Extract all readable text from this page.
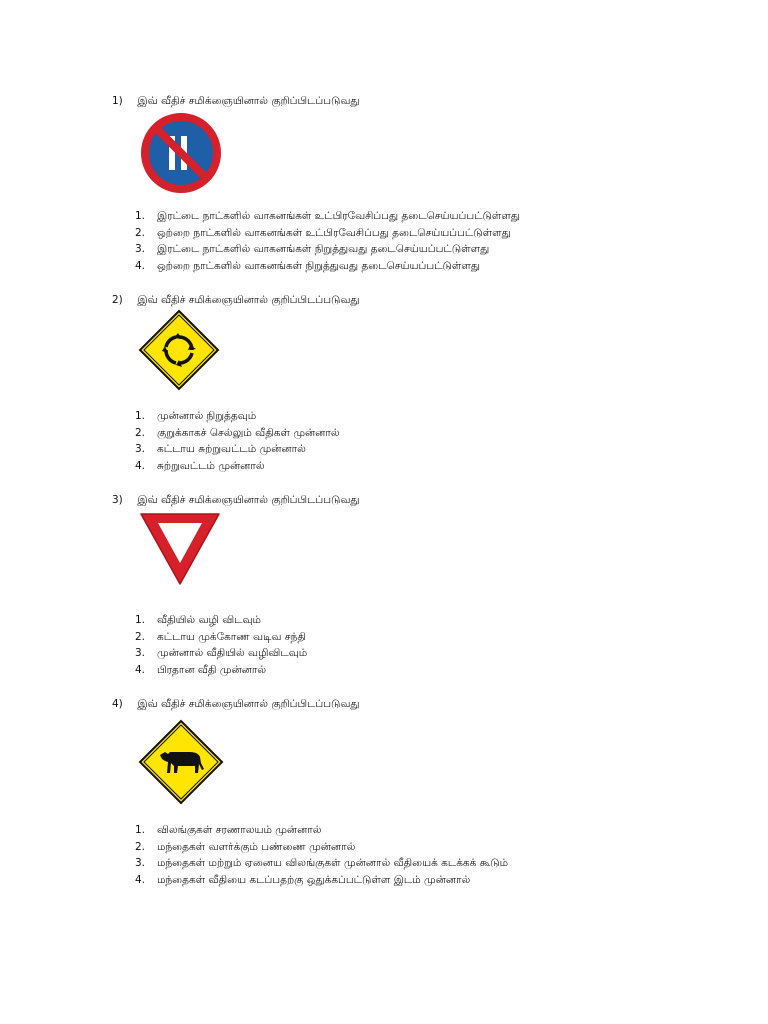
1) இவ் வீதிச் சமிக்ஞையினால் குறிப்பிடப்படுவது
1. இரட்டை நாட்களில் வாகனங்கள் உட்பிரவேசிப்பது தடைசெய்யப்பட்டுள்ளது
2. ஒற்றை நாட்களில் வாகனங்கள் உட்பிரவேசிப்பது தடைசெய்யப்பட்டுள்ளது
3. இரட்டை நாட்களில் வாகனங்கள் நிறுத்துவது தடைசெய்யப்பட்டுள்ளது
4. ஒற்றை நாட்களில் வாகனங்கள் நிறுத்துவது தடைசெய்யப்பட்டுள்ளது
2) இவ் வீதிச் சமிக்ஞையினால் குறிப்பிடப்படுவது
1. முன்னால் நிறுத்தவும்
2. குறுக்காகச் செல்லும் வீதிகள் முன்னால்
3. கட்டாய சுற்றுவட்டம் முன்னால்
4. சுற்றுவட்டம் முன்னால்
3) இவ் வீதிச் சமிக்ஞையினால் குறிப்பிடப்படுவது
1. வீதியில் வழி விடவும்
2. கட்டாய முக்கோண வடிவ சந்தி
3. முன்னால் வீதியில் வழிவிடவும்
4. பிரதான வீதி முன்னால்
4) இவ் வீதிச் சமிக்ஞையினால் குறிப்பிடப்படுவது
1. விலங்குகள் சரணாலயம் முன்னால்
2. மந்தைகள் வளர்க்கும் பண்ணை முன்னால்
3. மந்தைகள் மற்றும் ஏனைய விலங்குகள் முன்னால் வீதியைக் கடக்கக் கூடும்
4. மந்தைகள் வீதியை கடப்பதற்கு ஒதுக்கப்பட்டுள்ள இடம் முன்னால்
